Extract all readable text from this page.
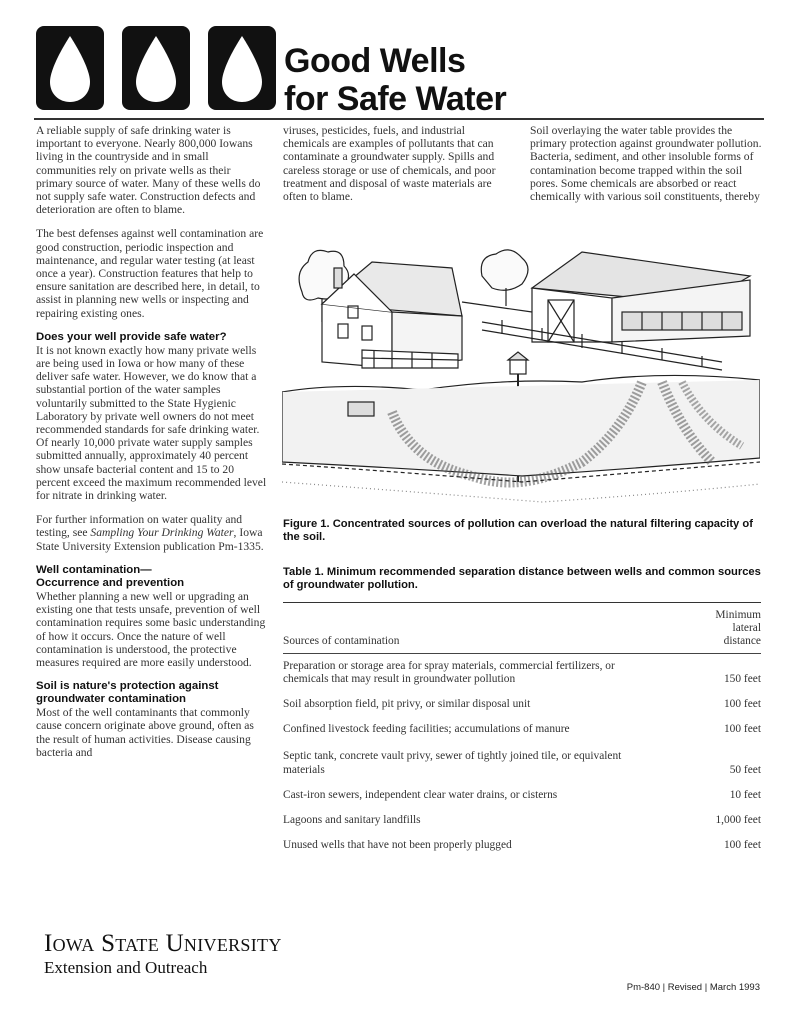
Good Wells
for Safe Water

A reliable supply of safe drinking water is important to everyone. Nearly 800,000 Iowans living in the countryside and in small communities rely on private wells as their primary source of water. Many of these wells do not supply safe water. Construction defects and deterioration are often to blame.

The best defenses against well contamination are good construction, periodic inspection and maintenance, and regular water testing (at least once a year). Construction features that help to ensure sanitation are described here, in detail, to assist in planning new wells or inspecting and repairing existing ones.

Does your well provide safe water?

It is not known exactly how many private wells are being used in Iowa or how many of these deliver safe water. However, we do know that a substantial portion of the water samples voluntarily submitted to the State Hygienic Laboratory by private well owners do not meet recommended standards for safe drinking water. Of nearly 10,000 private water supply samples submitted annually, approximately 40 percent show unsafe bacterial content and 15 to 20 percent exceed the maximum recommended level for nitrate in drinking water.

For further information on water quality and testing, see Sampling Your Drinking Water, Iowa State University Extension publication Pm-1335.

Well contamination—
Occurrence and prevention

Whether planning a new well or upgrading an existing one that tests unsafe, prevention of well contamination requires some basic understanding of how it occurs. Once the nature of well contamination is understood, the protective measures required are more easily understood.

Soil is nature's protection against groundwater contamination

Most of the well contaminants that commonly cause concern originate above ground, often as the result of human activities. Disease causing bacteria and

viruses, pesticides, fuels, and industrial chemicals are examples of pollutants that can contaminate a groundwater supply. Spills and careless storage or use of chemicals, and poor treatment and disposal of waste materials are often to blame.

Soil overlaying the water table provides the primary protection against groundwater pollution. Bacteria, sediment, and other insoluble forms of contamination become trapped within the soil pores. Some chemicals are absorbed or react chemically with various soil constituents, thereby

Figure 1. Concentrated sources of pollution can overload the natural filtering capacity of the soil.
Table 1. Minimum recommended separation distance between wells and common sources of groundwater pollution.
Sources of contamination
Minimum
lateral
distance
Preparation or storage area for spray materials, commercial fertilizers, or chemicals that may result in groundwater pollution	150 feet
Soil absorption field, pit privy, or similar disposal unit	100 feet
Confined livestock feeding facilities; accumulations of manure	100 feet
Septic tank, concrete vault privy, sewer of tightly joined tile, or equivalent materials	50 feet
Cast-iron sewers, independent clear water drains, or cisterns	10 feet
Lagoons and sanitary landfills	1,000 feet
Unused wells that have not been properly plugged	100 feet
Iowa State University
Extension and Outreach
Pm-840 | Revised | March 1993
